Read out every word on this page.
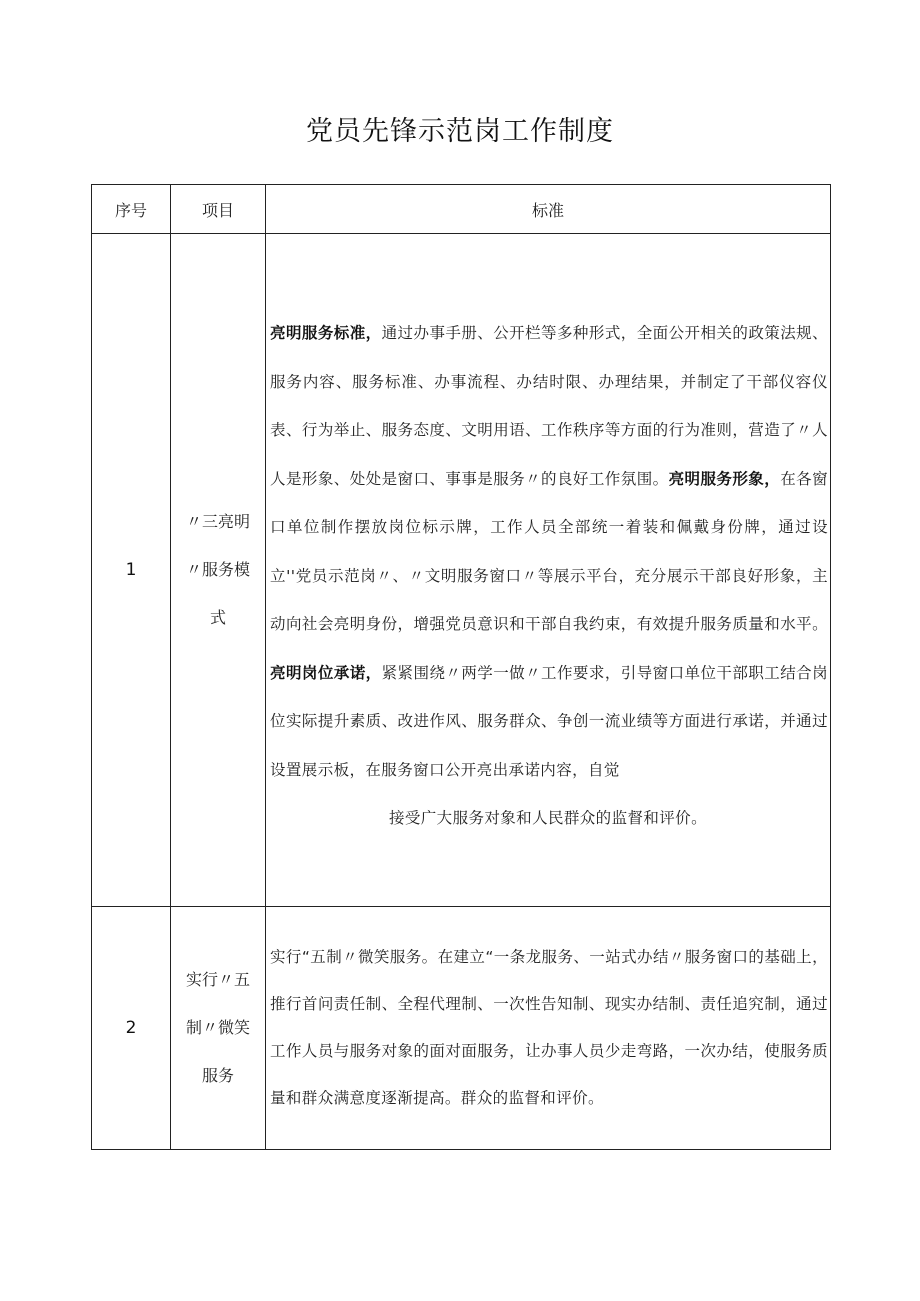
党员先锋示范岗工作制度
序号	项目	标准
1	〃三亮明〃服务模式	亮明服务标准，通过办事手册、公开栏等多种形式，全面公开相关的政策法规、服务内容、服务标准、办事流程、办结时限、办理结果，并制定了干部仪容仪表、行为举止、服务态度、文明用语、工作秩序等方面的行为准则，营造了〃人人是形象、处处是窗口、事事是服务〃的良好工作氛围。亮明服务形象，在各窗口单位制作摆放岗位标示牌，工作人员全部统一着装和佩戴身份牌，通过设立''党员示范岗〃、〃文明服务窗口〃等展示平台，充分展示干部良好形象，主动向社会亮明身份，增强党员意识和干部自我约束，有效提升服务质量和水平。亮明岗位承诺，紧紧围绕〃两学一做〃工作要求，引导窗口单位干部职工结合岗位实际提升素质、改进作风、服务群众、争创一流业绩等方面进行承诺，并通过设置展示板，在服务窗口公开亮出承诺内容，自觉
接受广大服务对象和人民群众的监督和评价。

2	实行〃五制〃微笑服务	实行“五制〃微笑服务。在建立“一条龙服务、一站式办结〃服务窗口的基础上，推行首问责任制、全程代理制、一次性告知制、现实办结制、责任追究制，通过工作人员与服务对象的面对面服务，让办事人员少走弯路，一次办结，使服务质量和群众满意度逐渐提高。群众的监督和评价。
